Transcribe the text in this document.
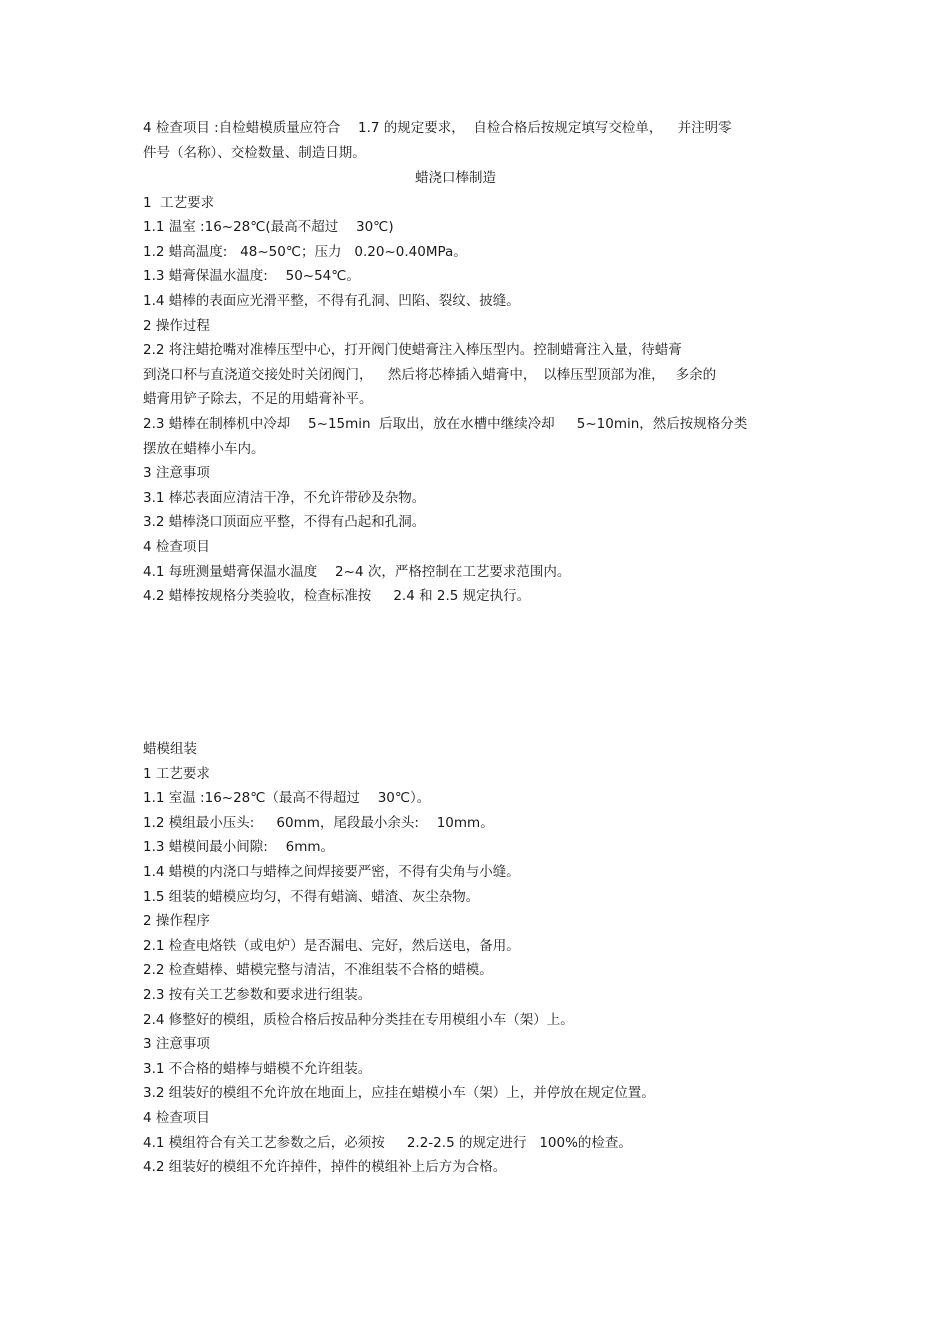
4 检查项目 :自检蜡模质量应符合　 1.7 的规定要求，  自检合格后按规定填写交检单，　  并注明零

件号（名称）、交检数量、制造日期。

蜡浇口棒制造

1  工艺要求

1.1 温室 :16~28℃(最高不超过　 30℃)

1.2 蜡高温度:   48~50℃；压力   0.20~0.40MPa。

1.3 蜡膏保温水温度:　 50~54℃。

1.4 蜡棒的表面应光滑平整，不得有孔洞、凹陷、裂纹、披缝。

2 操作过程

2.2 将注蜡抢嘴对准棒压型中心，打开阀门使蜡膏注入棒压型内。控制蜡膏注入量，待蜡膏

到浇口杯与直浇道交接处时关闭阀门，　  然后将芯棒插入蜡膏中，　以棒压型顶部为准，　 多余的

蜡膏用铲子除去，不足的用蜡膏补平。

2.3 蜡棒在制棒机中冷却　 5~15min  后取出，放在水槽中继续冷却　  5~10min，然后按规格分类

摆放在蜡棒小车内。

3 注意事项

3.1 棒芯表面应清洁干净，不允许带砂及杂物。

3.2 蜡棒浇口顶面应平整，不得有凸起和孔洞。

4 检查项目

4.1 每班测量蜡膏保温水温度　 2~4 次，严格控制在工艺要求范围内。

4.2 蜡棒按规格分类验收，检查标准按　  2.4 和 2.5 规定执行。

蜡模组装

1 工艺要求

1.1 室温 :16~28℃（最高不得超过　 30℃）。

1.2 模组最小压头:　  60mm，尾段最小余头:　 10mm。

1.3 蜡模间最小间隙:　 6mm。

1.4 蜡模的内浇口与蜡棒之间焊接要严密，不得有尖角与小缝。

1.5 组装的蜡模应均匀，不得有蜡滴、蜡渣、灰尘杂物。

2 操作程序

2.1 检查电烙铁（或电炉）是否漏电、完好，然后送电，备用。

2.2 检查蜡棒、蜡模完整与清洁，不准组装不合格的蜡模。

2.3 按有关工艺参数和要求进行组装。

2.4 修整好的模组，质检合格后按品种分类挂在专用模组小车（架）上。

3 注意事项

3.1 不合格的蜡棒与蜡模不允许组装。

3.2 组装好的模组不允许放在地面上，应挂在蜡模小车（架）上，并停放在规定位置。

4 检查项目

4.1 模组符合有关工艺参数之后，必须按　  2.2-2.5 的规定进行   100%的检查。

4.2 组装好的模组不允许掉件，掉件的模组补上后方为合格。
